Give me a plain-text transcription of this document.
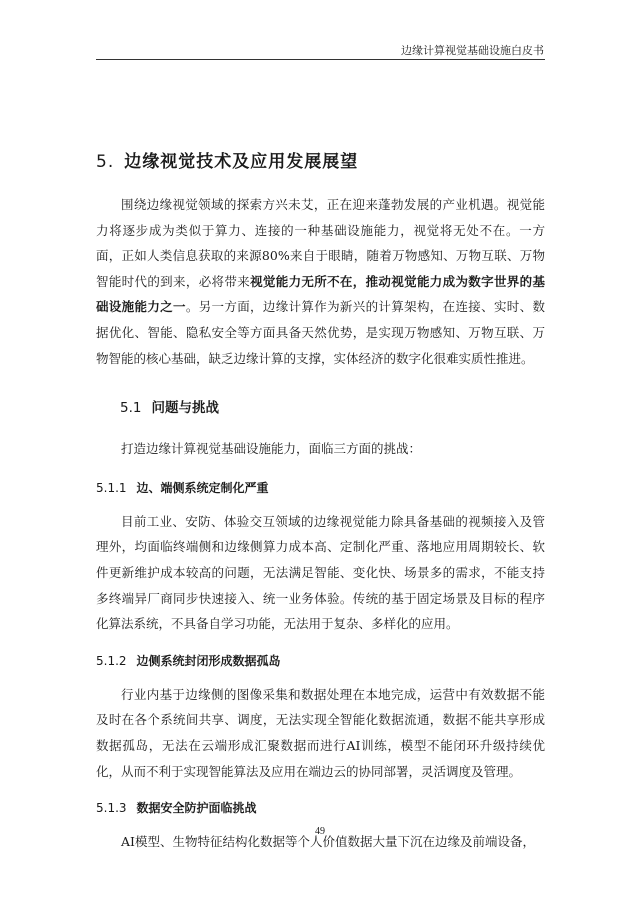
边缘计算视觉基础设施白皮书
5. 边缘视觉技术及应用发展展望

围绕边缘视觉领域的探索方兴未艾，正在迎来蓬勃发展的产业机遇。视觉能力将逐步成为类似于算力、连接的一种基础设施能力，视觉将无处不在。一方面，正如人类信息获取的来源80%来自于眼睛，随着万物感知、万物互联、万物智能时代的到来，必将带来视觉能力无所不在，推动视觉能力成为数字世界的基础设施能力之一。另一方面，边缘计算作为新兴的计算架构，在连接、实时、数据优化、智能、隐私安全等方面具备天然优势，是实现万物感知、万物互联、万物智能的核心基础，缺乏边缘计算的支撑，实体经济的数字化很难实质性推进。

5.1 问题与挑战

打造边缘计算视觉基础设施能力，面临三方面的挑战：

5.1.1 边、端侧系统定制化严重

目前工业、安防、体验交互领域的边缘视觉能力除具备基础的视频接入及管理外，均面临终端侧和边缘侧算力成本高、定制化严重、落地应用周期较长、软件更新维护成本较高的问题，无法满足智能、变化快、场景多的需求，不能支持多终端异厂商同步快速接入、统一业务体验。传统的基于固定场景及目标的程序化算法系统，不具备自学习功能，无法用于复杂、多样化的应用。

5.1.2 边侧系统封闭形成数据孤岛

行业内基于边缘侧的图像采集和数据处理在本地完成，运营中有效数据不能及时在各个系统间共享、调度，无法实现全智能化数据流通，数据不能共享形成数据孤岛，无法在云端形成汇聚数据而进行AI训练，模型不能闭环升级持续优化，从而不利于实现智能算法及应用在端边云的协同部署，灵活调度及管理。

5.1.3 数据安全防护面临挑战

AI模型、生物特征结构化数据等个人价值数据大量下沉在边缘及前端设备，

49
